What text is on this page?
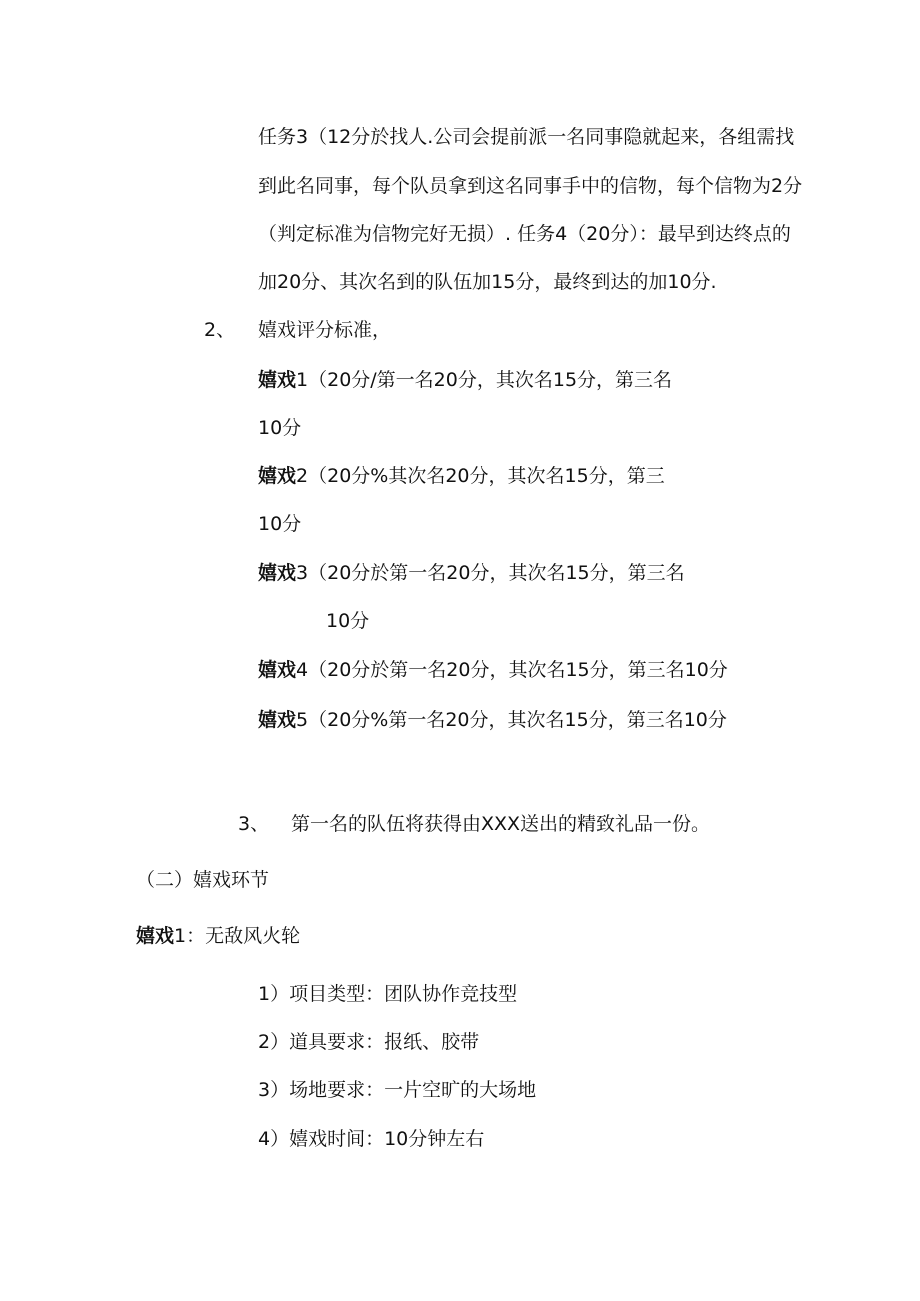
任务3（12分於找人.公司会提前派一名同事隐就起来，各组需找
到此名同事，每个队员拿到这名同事手中的信物，每个信物为2分
（判定标准为信物完好无损）. 任务4（20分）：最早到达终点的
加20分、其次名到的队伍加15分，最终到达的加10分.
2、 嬉戏评分标准，
嬉戏1（20分/第一名20分，其次名15分，第三名
10分
嬉戏2（20分%其次名20分，其次名15分，第三
10分
嬉戏3（20分於第一名20分，其次名15分，第三名
10分
嬉戏4（20分於第一名20分，其次名15分，第三名10分
嬉戏5（20分%第一名20分，其次名15分，第三名10分
3、 第一名的队伍将获得由XXX送出的精致礼品一份。
（二）嬉戏环节
嬉戏1：无敌风火轮
1）项目类型：团队协作竞技型
2）道具要求：报纸、胶带
3）场地要求：一片空旷的大场地
4）嬉戏时间：10分钟左右
